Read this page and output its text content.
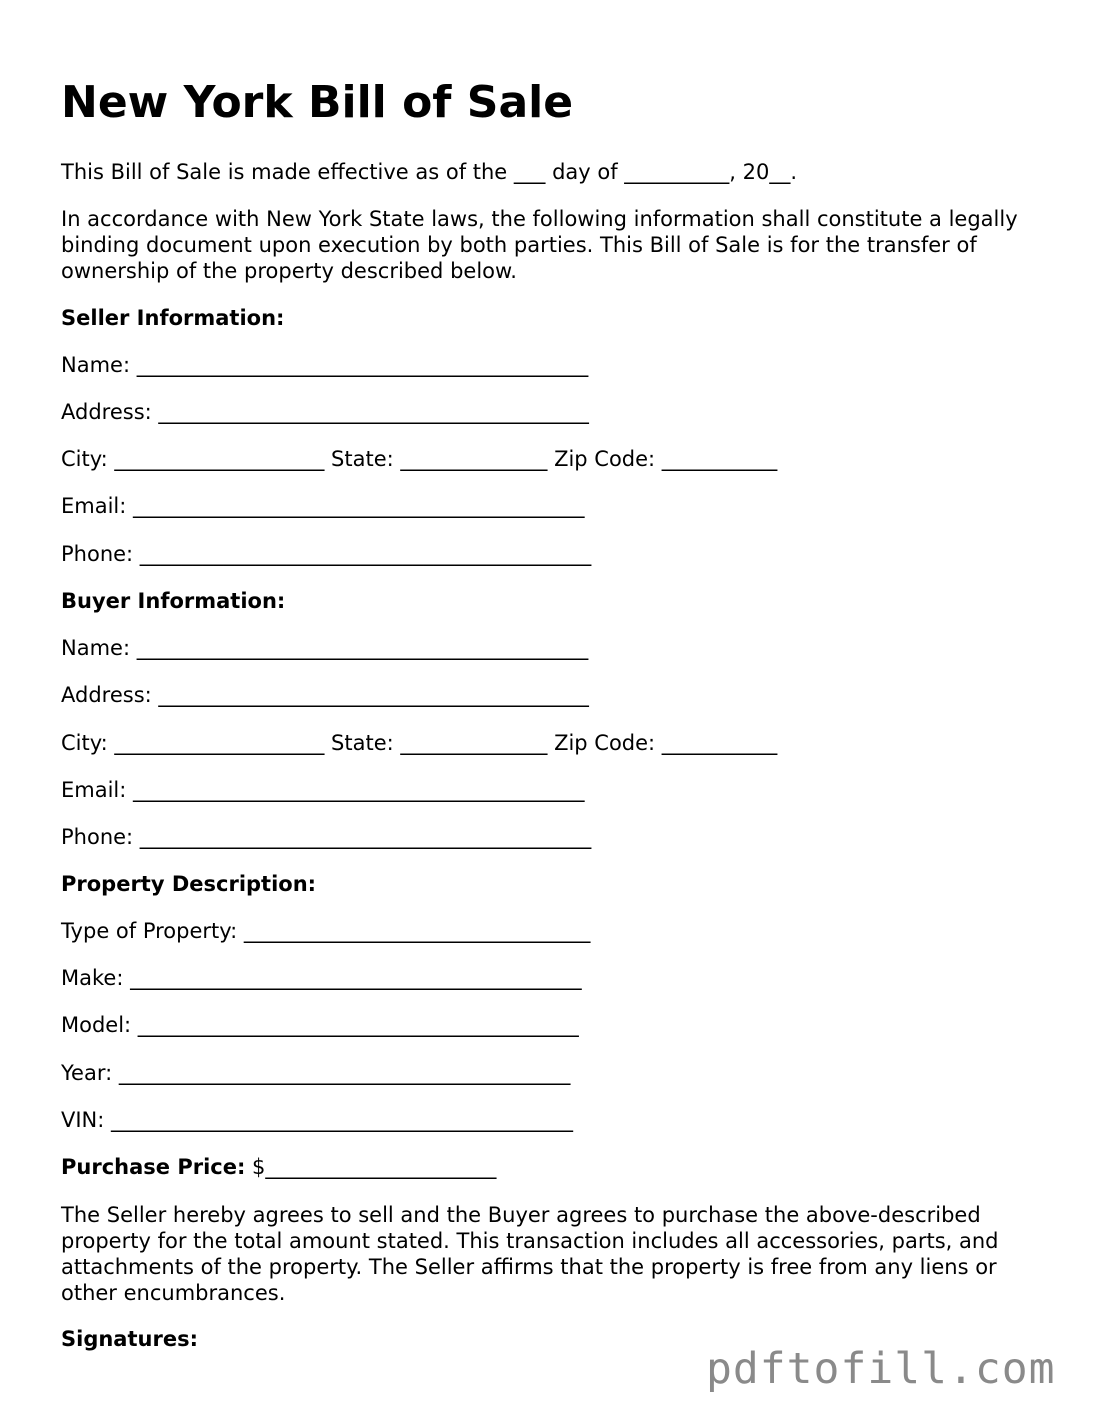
New York Bill of Sale

This Bill of Sale is made effective as of the ___ day of __________, 20__.

In accordance with New York State laws, the following information shall constitute a legally binding document upon execution by both parties. This Bill of Sale is for the transfer of ownership of the property described below.

Seller Information:

Name: ___________________________________________

Address: _________________________________________

City: ____________________ State: ______________ Zip Code: ___________

Email: ___________________________________________

Phone: ___________________________________________

Buyer Information:

Name: ___________________________________________

Address: _________________________________________

City: ____________________ State: ______________ Zip Code: ___________

Email: ___________________________________________

Phone: ___________________________________________

Property Description:

Type of Property: _________________________________

Make: ___________________________________________

Model: __________________________________________

Year: ___________________________________________

VIN: ____________________________________________

Purchase Price: $______________________

The Seller hereby agrees to sell and the Buyer agrees to purchase the above-described property for the total amount stated. This transaction includes all accessories, parts, and attachments of the property. The Seller affirms that the property is free from any liens or other encumbrances.

Signatures:

pdftofill.com
